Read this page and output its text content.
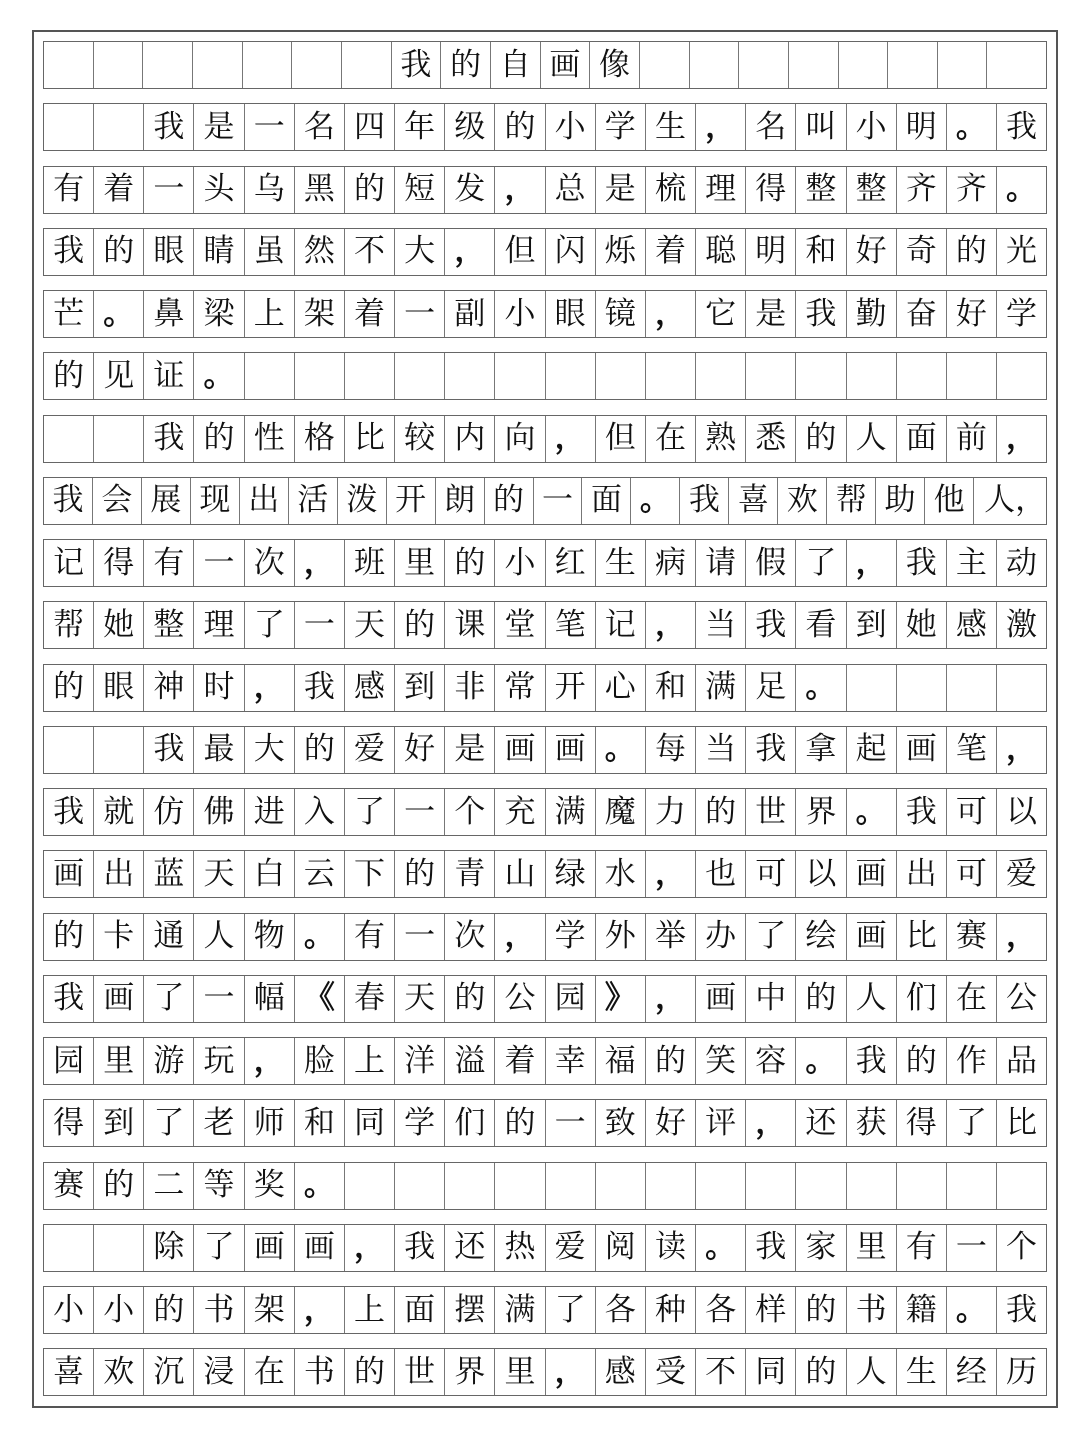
我 的 自 画 像
我 是 一 名 四 年 级 的 小 学 生 ， 名 叫 小 明 。 我
有 着 一 头 乌 黑 的 短 发 ， 总 是 梳 理 得 整 整 齐 齐 。
我 的 眼 睛 虽 然 不 大 ， 但 闪 烁 着 聪 明 和 好 奇 的 光
芒 。 鼻 梁 上 架 着 一 副 小 眼 镜 ， 它 是 我 勤 奋 好 学
的 见 证 。
我 的 性 格 比 较 内 向 ， 但 在 熟 悉 的 人 面 前 ，
我 会 展 现 出 活 泼 开 朗 的 一 面 。 我 喜 欢 帮 助 他 人，
记 得 有 一 次 ， 班 里 的 小 红 生 病 请 假 了 ， 我 主 动
帮 她 整 理 了 一 天 的 课 堂 笔 记 ， 当 我 看 到 她 感 激
的 眼 神 时 ， 我 感 到 非 常 开 心 和 满 足 。
我 最 大 的 爱 好 是 画 画 。 每 当 我 拿 起 画 笔 ，
我 就 仿 佛 进 入 了 一 个 充 满 魔 力 的 世 界 。 我 可 以
画 出 蓝 天 白 云 下 的 青 山 绿 水 ， 也 可 以 画 出 可 爱
的 卡 通 人 物 。 有 一 次 ， 学 外 举 办 了 绘 画 比 赛 ，
我 画 了 一 幅 《 春 天 的 公 园 》 ， 画 中 的 人 们 在 公
园 里 游 玩 ， 脸 上 洋 溢 着 幸 福 的 笑 容 。 我 的 作 品
得 到 了 老 师 和 同 学 们 的 一 致 好 评 ， 还 获 得 了 比
赛 的 二 等 奖 。
除 了 画 画 ， 我 还 热 爱 阅 读 。 我 家 里 有 一 个
小 小 的 书 架 ， 上 面 摆 满 了 各 种 各 样 的 书 籍 。 我
喜 欢 沉 浸 在 书 的 世 界 里 ， 感 受 不 同 的 人 生 经 历
